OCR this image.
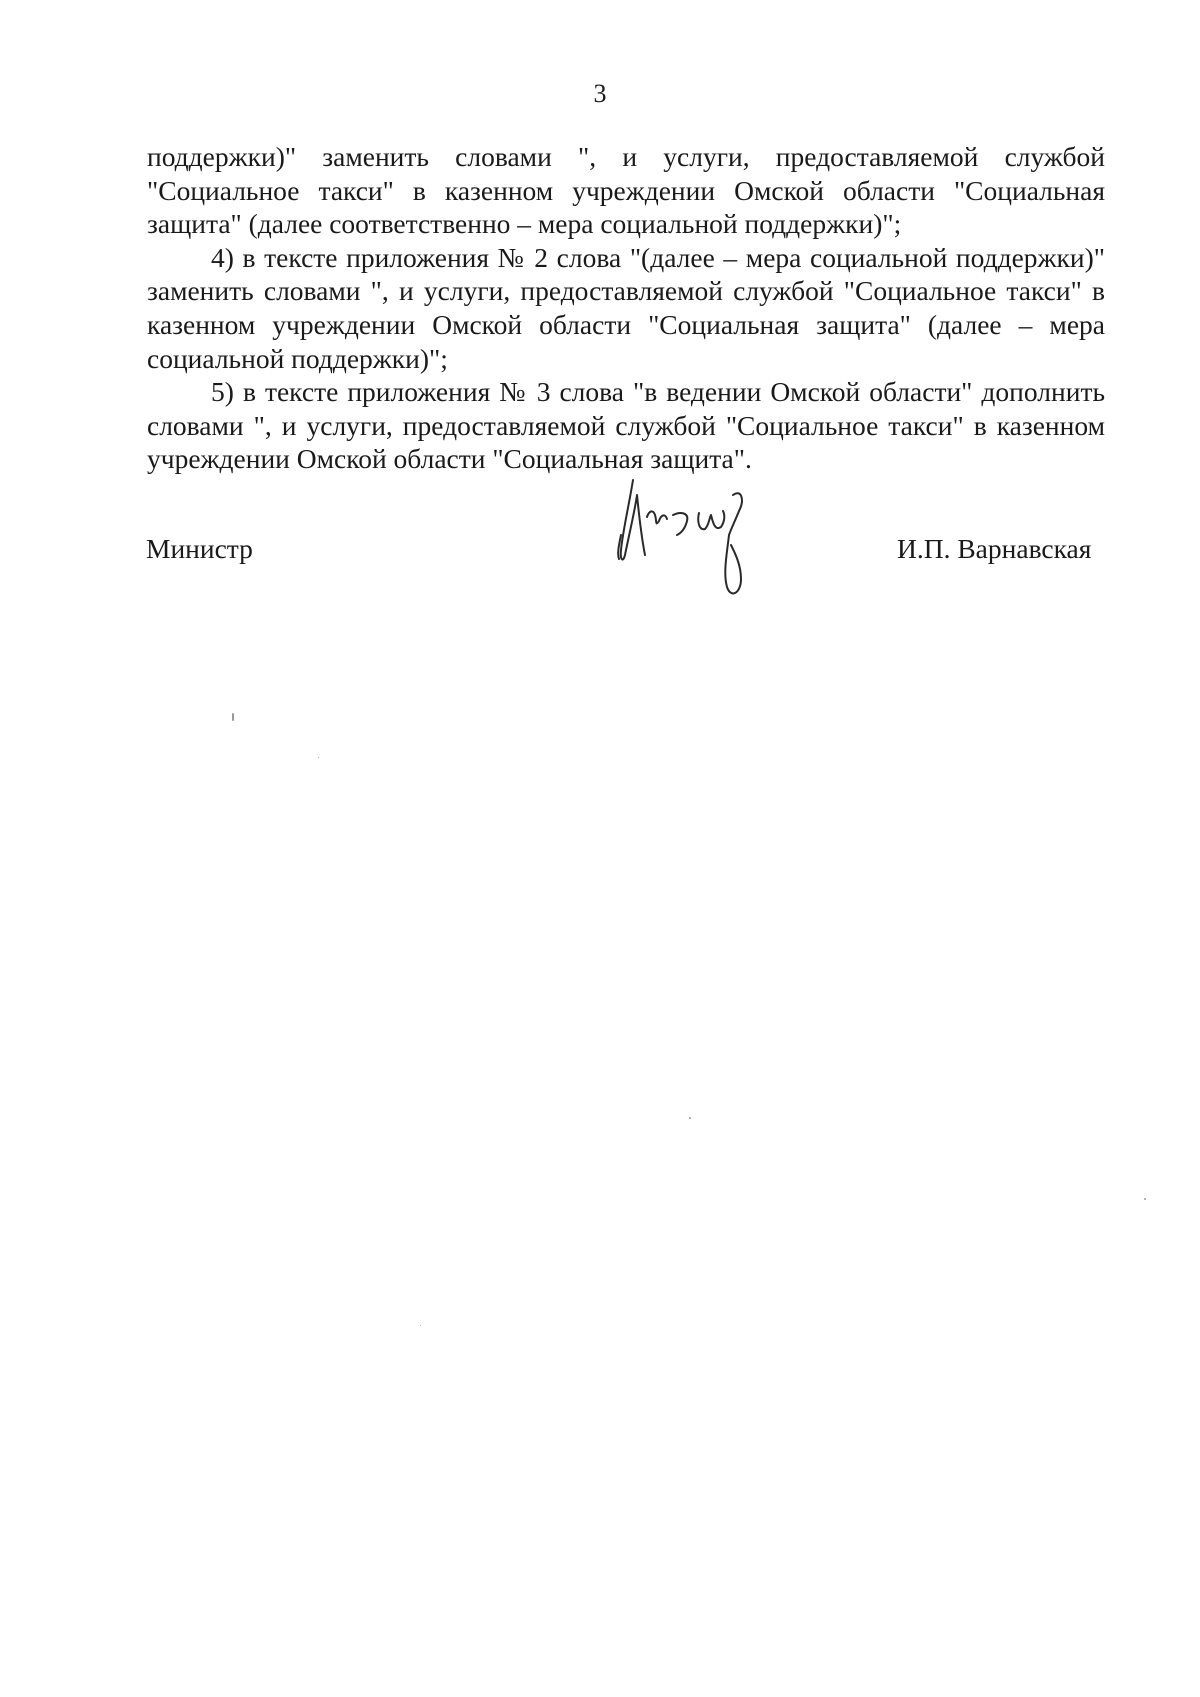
3

поддержки)" заменить словами ", и услуги, предоставляемой службой "Социальное такси" в казенном учреждении Омской области "Социальная защита" (далее соответственно – мера социальной поддержки)";

4) в тексте приложения № 2 слова "(далее – мера социальной поддержки)" заменить словами ", и услуги, предоставляемой службой "Социальное такси" в казенном учреждении Омской области "Социальная защита" (далее – мера социальной поддержки)";

5) в тексте приложения № 3 слова "в ведении Омской области" дополнить словами ", и услуги, предоставляемой службой "Социальное такси" в казенном учреждении Омской области "Социальная защита".

Министр	И.П. Варнавская
